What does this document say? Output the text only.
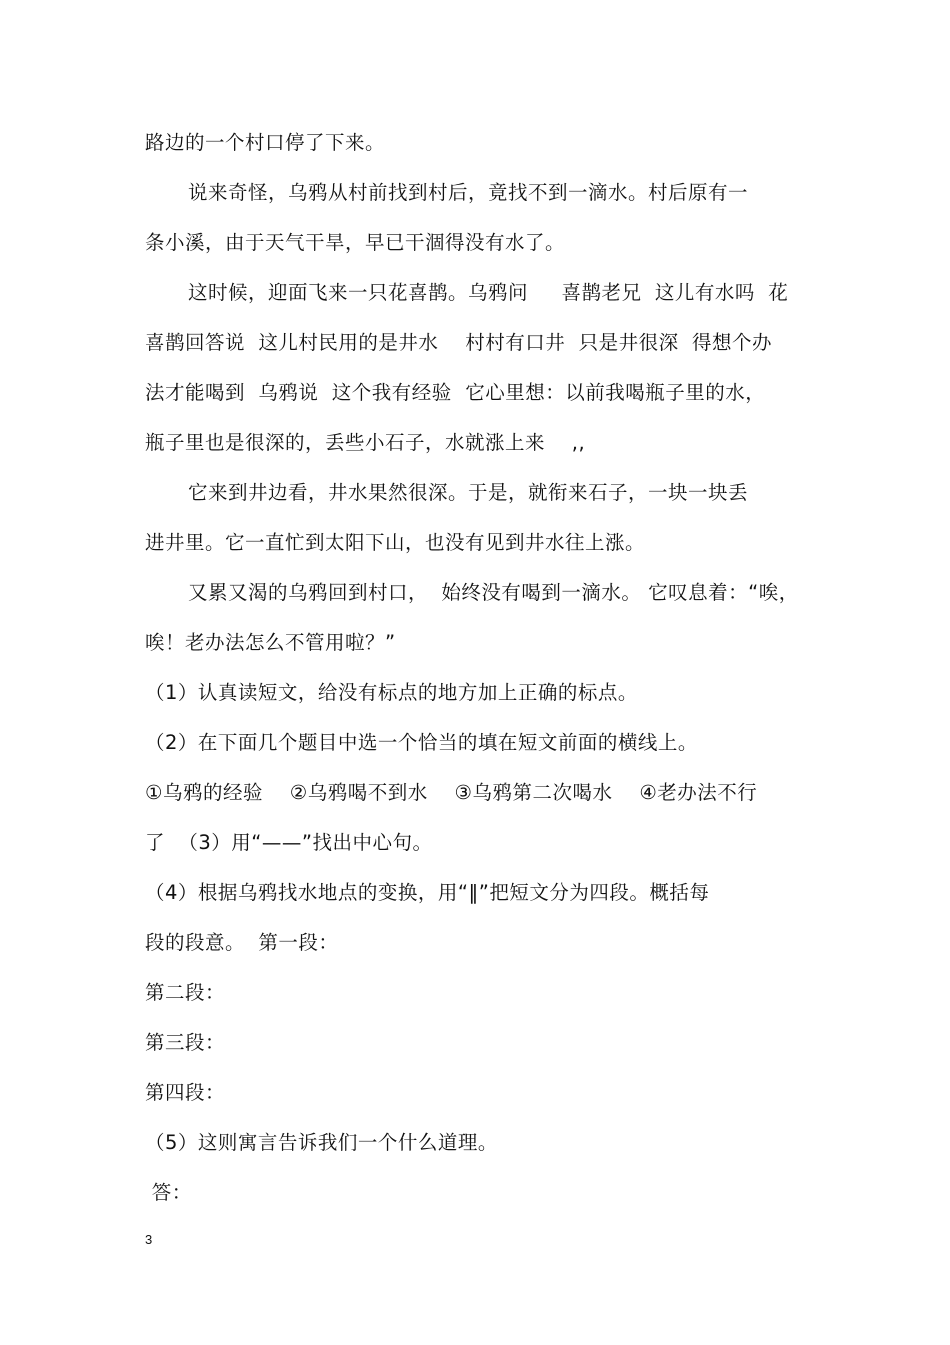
路边的一个村口停了下来。
说来奇怪，乌鸦从村前找到村后，竟找不到一滴水。村后原有一
条小溪，由于天气干旱，早已干涸得没有水了。
这时候，迎面飞来一只花喜鹊。乌鸦问     喜鹊老兄  这儿有水吗  花
喜鹊回答说  这儿村民用的是井水    村村有口井  只是井很深  得想个办
法才能喝到  乌鸦说  这个我有经验  它心里想：以前我喝瓶子里的水，
瓶子里也是很深的，丢些小石子，水就涨上来    ,,
它来到井边看，井水果然很深。于是，就衔来石子，一块一块丢
进井里。它一直忙到太阳下山，也没有见到井水往上涨。
又累又渴的乌鸦回到村口，  始终没有喝到一滴水。 它叹息着：“唉，
唉！老办法怎么不管用啦？”
（1）认真读短文，给没有标点的地方加上正确的标点。
（2）在下面几个题目中选一个恰当的填在短文前面的横线上。
①乌鸦的经验    ②乌鸦喝不到水    ③乌鸦第二次喝水    ④老办法不行
了  （3）用“——”找出中心句。
（4）根据乌鸦找水地点的变换，用“‖”把短文分为四段。概括每
段的段意。  第一段：
第二段：
第三段：
第四段：
（5）这则寓言告诉我们一个什么道理。
答：
3
